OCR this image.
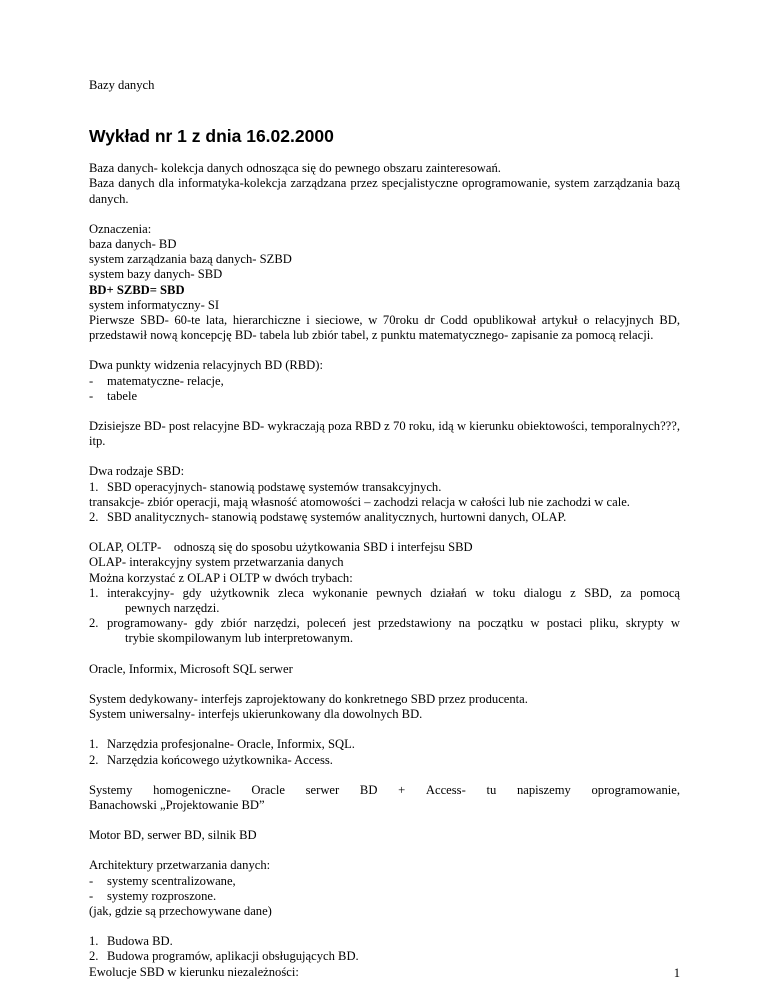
Bazy danych

Wykład nr 1 z dnia 16.02.2000

Baza danych- kolekcja danych odnosząca się do pewnego obszaru zainteresowań.

Baza danych dla informatyka-kolekcja zarządzana przez specjalistyczne oprogramowanie, system zarządzania bazą danych.

Oznaczenia:

baza danych- BD

system zarządzania bazą danych- SZBD

system bazy danych- SBD

BD+ SZBD= SBD

system informatyczny- SI

Pierwsze SBD- 60-te lata, hierarchiczne i sieciowe, w 70roku dr Codd opublikował artykuł o relacyjnych BD, przedstawił nową koncepcję BD- tabela lub zbiór tabel, z punktu matematycznego- zapisanie za pomocą relacji.

Dwa punkty widzenia relacyjnych BD (RBD):

-	matematyczne- relacje,
-	tabele

Dzisiejsze BD- post relacyjne BD- wykraczają poza RBD z 70 roku, idą w kierunku obiektowości, temporalnych???, itp.

Dwa rodzaje SBD:

1. SBD operacyjnych- stanowią podstawę systemów transakcyjnych.

transakcje- zbiór operacji, mają własność atomowości – zachodzi relacja w całości lub nie zachodzi w cale.

2. SBD analitycznych- stanowią podstawę systemów analitycznych, hurtowni danych, OLAP.

OLAP, OLTP-    odnoszą się do sposobu użytkowania SBD i interfejsu SBD

OLAP- interakcyjny system przetwarzania danych

Można korzystać z OLAP i OLTP w dwóch trybach:

1. interakcyjny- gdy użytkownik zleca wykonanie pewnych działań w toku dialogu z SBD, za pomocą
pewnych narzędzi.
2. programowany- gdy zbiór narzędzi, poleceń jest przedstawiony na początku w postaci pliku, skrypty w
trybie skompilowanym lub interpretowanym.

Oracle, Informix, Microsoft SQL serwer

System dedykowany- interfejs zaprojektowany do konkretnego SBD przez producenta.

System uniwersalny- interfejs ukierunkowany dla dowolnych BD.

1. Narzędzia profesjonalne- Oracle, Informix, SQL.
2. Narzędzia końcowego użytkownika- Access.
Systemy homogeniczne- Oracle serwer BD + Access- tu napiszemy oprogramowanie,

Banachowski „Projektowanie BD”

Motor BD, serwer BD, silnik BD

Architektury przetwarzania danych:

-	systemy scentralizowane,
-	systemy rozproszone.

(jak, gdzie są przechowywane dane)

1. Budowa BD.
2. Budowa programów, aplikacji obsługujących BD.

Ewolucje SBD w kierunku niezależności:	1
